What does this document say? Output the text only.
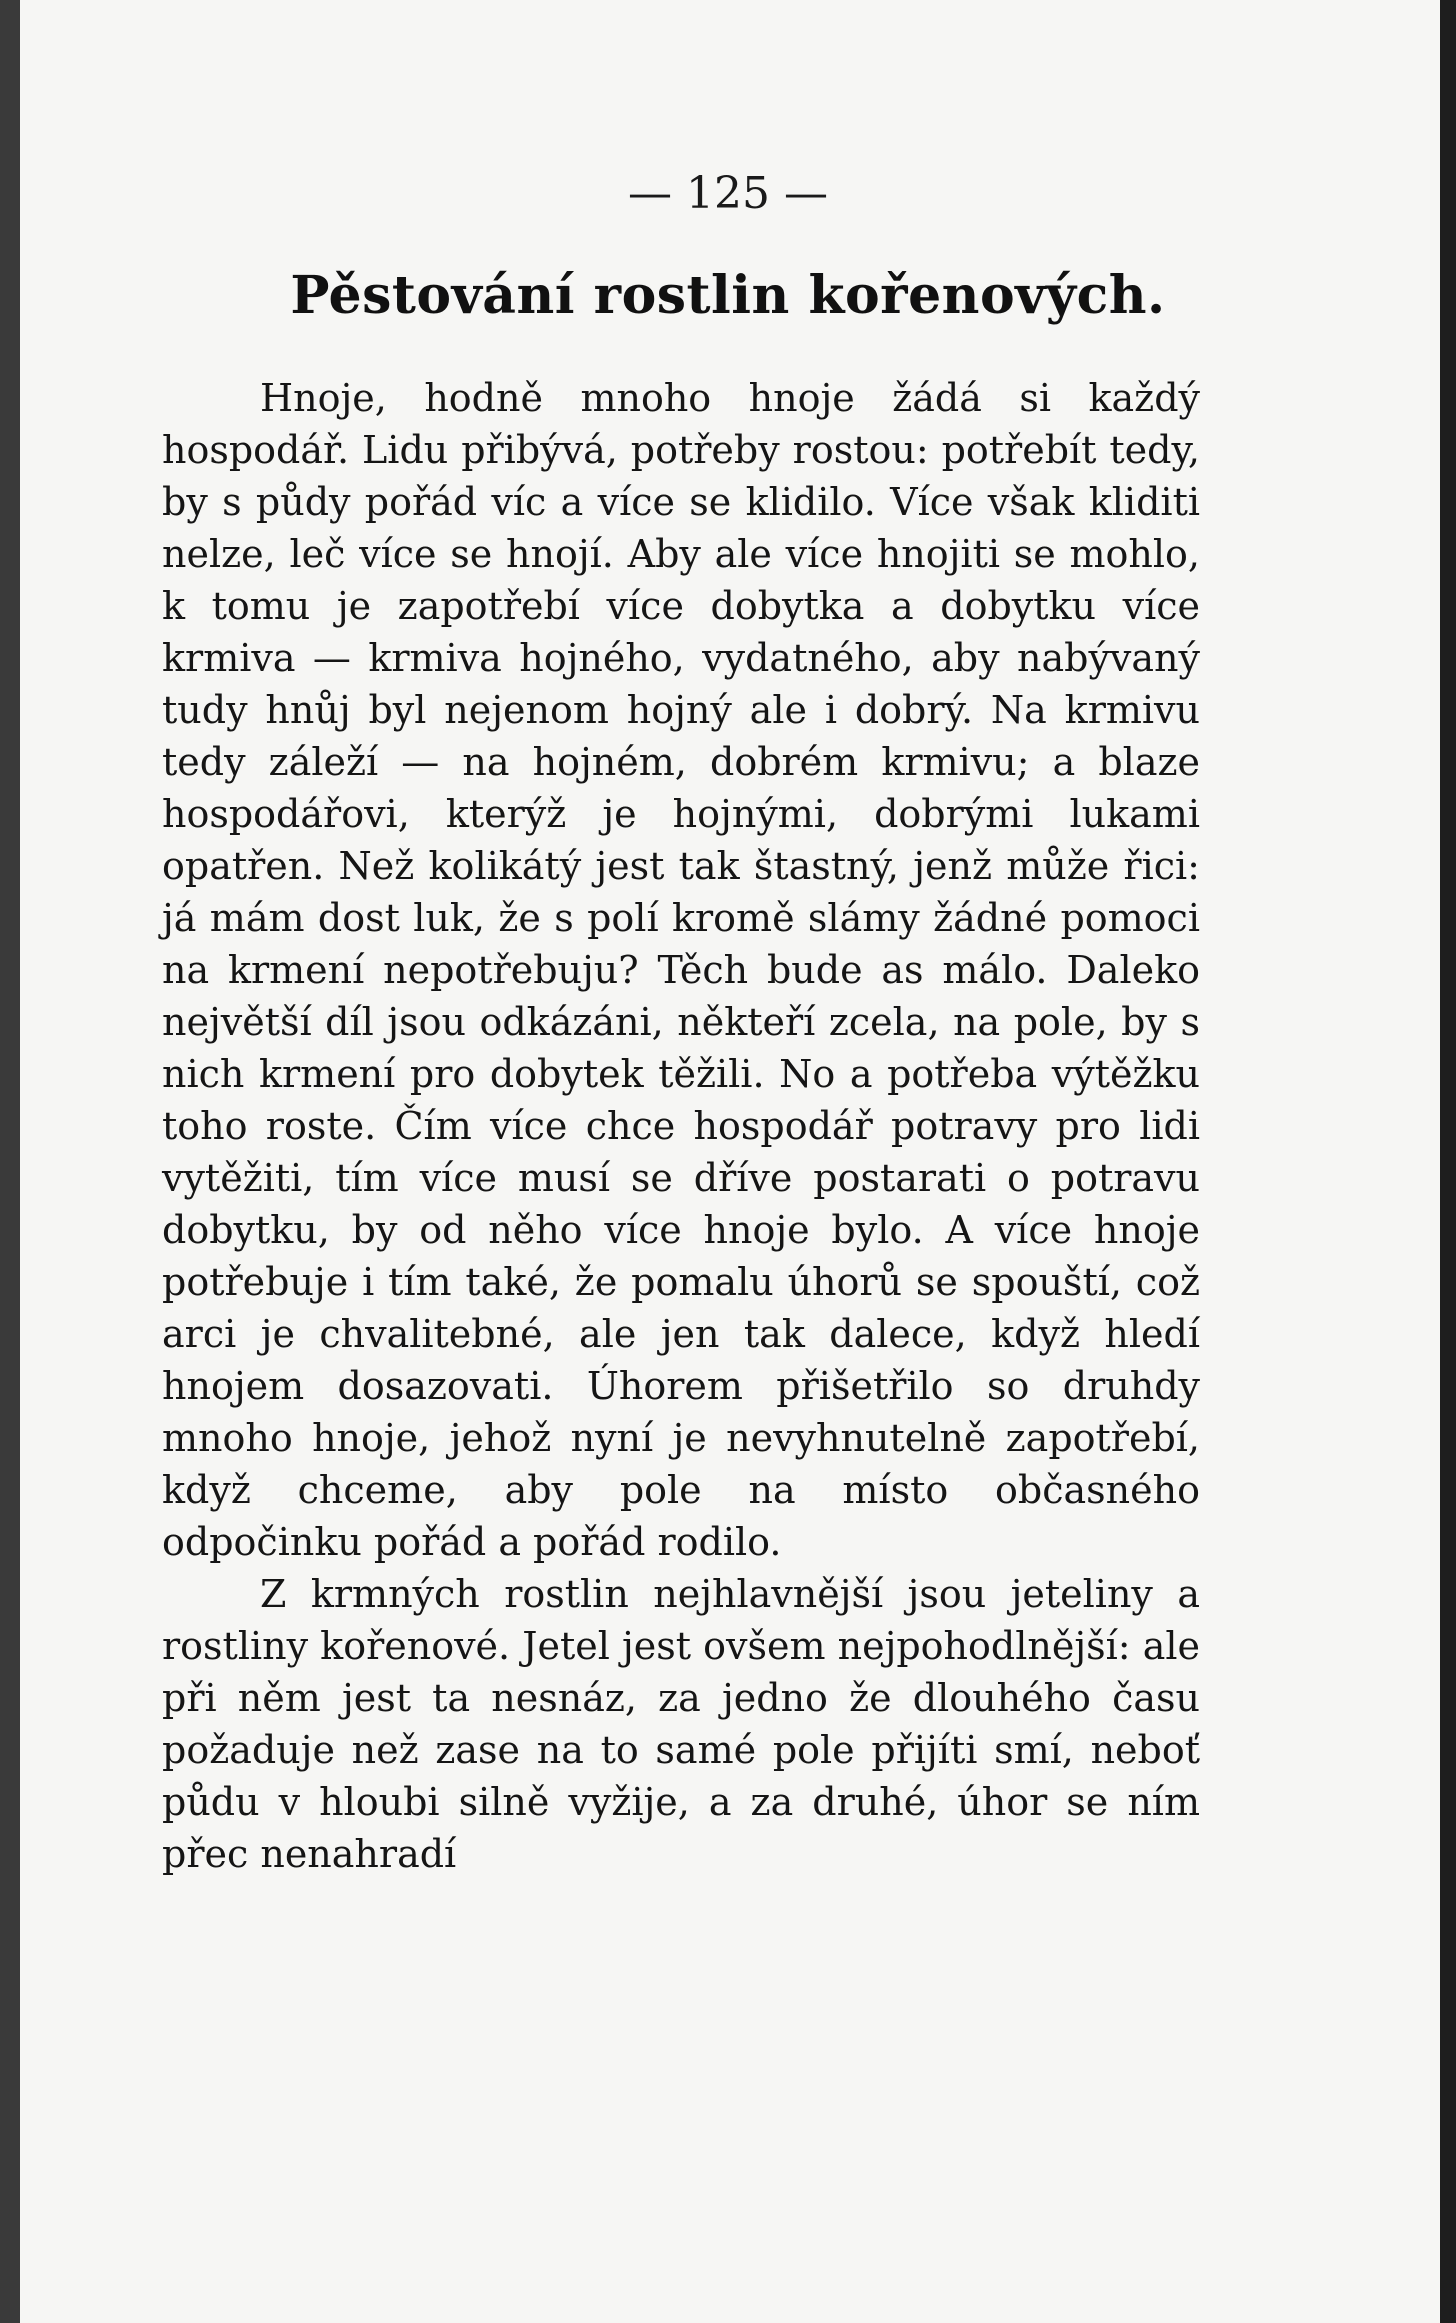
— 125 —
Pěstování rostlin kořenových.

Hnoje, hodně mnoho hnoje žádá si každý hospodář. Lidu přibývá, potřeby rostou: potřebít tedy, by s půdy pořád víc a více se klidilo. Více však kliditi nelze, leč více se hnojí. Aby ale více hnojiti se mohlo, k tomu je zapotřebí více dobytka a dobytku více krmiva — krmiva hojného, vydatného, aby nabývaný tudy hnůj byl nejenom hojný ale i dobrý. Na krmivu tedy záleží — na hojném, dobrém krmivu; a blaze hospodářovi, kterýž je hojnými, dobrými lukami opatřen. Než kolikátý jest tak štastný, jenž může řici: já mám dost luk, že s polí kromě slámy žádné pomoci na krmení nepotřebuju? Těch bude as málo. Daleko největší díl jsou odkázáni, někteří zcela, na pole, by s nich krmení pro dobytek těžili. No a potřeba výtěžku toho roste. Čím více chce hospodář potravy pro lidi vytěžiti, tím více musí se dříve postarati o potravu dobytku, by od něho více hnoje bylo. A více hnoje potřebuje i tím také, že pomalu úhorů se spouští, což arci je chvalitebné, ale jen tak dalece, když hledí hnojem dosazovati. Úhorem přišetřilo so druhdy mnoho hnoje, jehož nyní je nevyhnutelně zapotřebí, když chceme, aby pole na místo občasného odpočinku pořád a pořád rodilo.

Z krmných rostlin nejhlavnější jsou jeteliny a rostliny kořenové. Jetel jest ovšem nejpohodlnější: ale při něm jest ta nesnáz, za jedno že dlouhého času požaduje než zase na to samé pole přijíti smí, neboť půdu v hloubi silně vyžije, a za druhé, úhor se ním přec nenahradí
